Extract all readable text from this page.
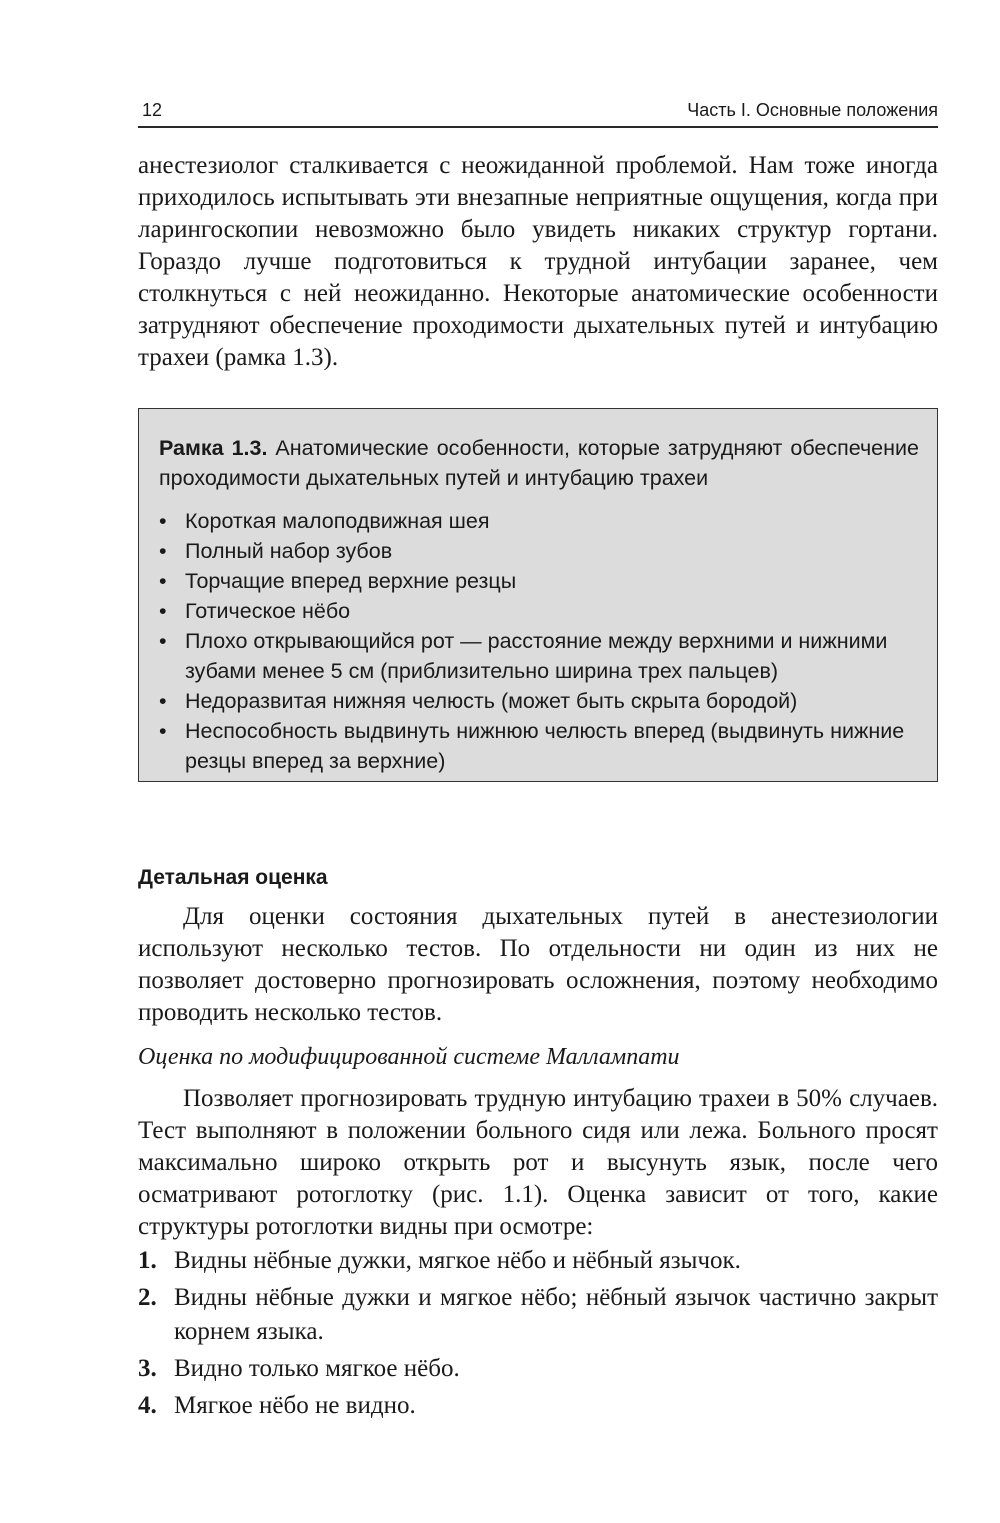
12	Часть I. Основные положения

анестезиолог сталкивается с неожиданной проблемой. Нам тоже иногда приходилось испытывать эти внезапные неприятные ощущения, когда при ларингоскопии невозможно было увидеть никаких структур гортани. Гораздо лучше подготовиться к трудной интубации заранее, чем столкнуться с ней неожиданно. Некоторые анатомические особенности затрудняют обеспечение проходимости дыхательных путей и интубацию трахеи (рамка 1.3).

Рамка 1.3. Анатомические особенности, которые затрудняют обеспечение проходимости дыхательных путей и интубацию трахеи

• Короткая малоподвижная шея
• Полный набор зубов
• Торчащие вперед верхние резцы
• Готическое нёбо
• Плохо открывающийся рот — расстояние между верхними и нижними зубами менее 5 см (приблизительно ширина трех пальцев)
• Недоразвитая нижняя челюсть (может быть скрыта бородой)
• Неспособность выдвинуть нижнюю челюсть вперед (выдвинуть нижние резцы вперед за верхние)
Детальная оценка

Для оценки состояния дыхательных путей в анестезиологии используют несколько тестов. По отдельности ни один из них не позволяет достоверно прогнозировать осложнения, поэтому необходимо проводить несколько тестов.

Оценка по модифицированной системе Маллампати

Позволяет прогнозировать трудную интубацию трахеи в 50% случаев. Тест выполняют в положении больного сидя или лежа. Больного просят максимально широко открыть рот и высунуть язык, после чего осматривают ротоглотку (рис. 1.1). Оценка зависит от того, какие структуры ротоглотки видны при осмотре:

1. Видны нёбные дужки, мягкое нёбо и нёбный язычок.
2. Видны нёбные дужки и мягкое нёбо; нёбный язычок частично закрыт корнем языка.
3. Видно только мягкое нёбо.
4. Мягкое нёбо не видно.
